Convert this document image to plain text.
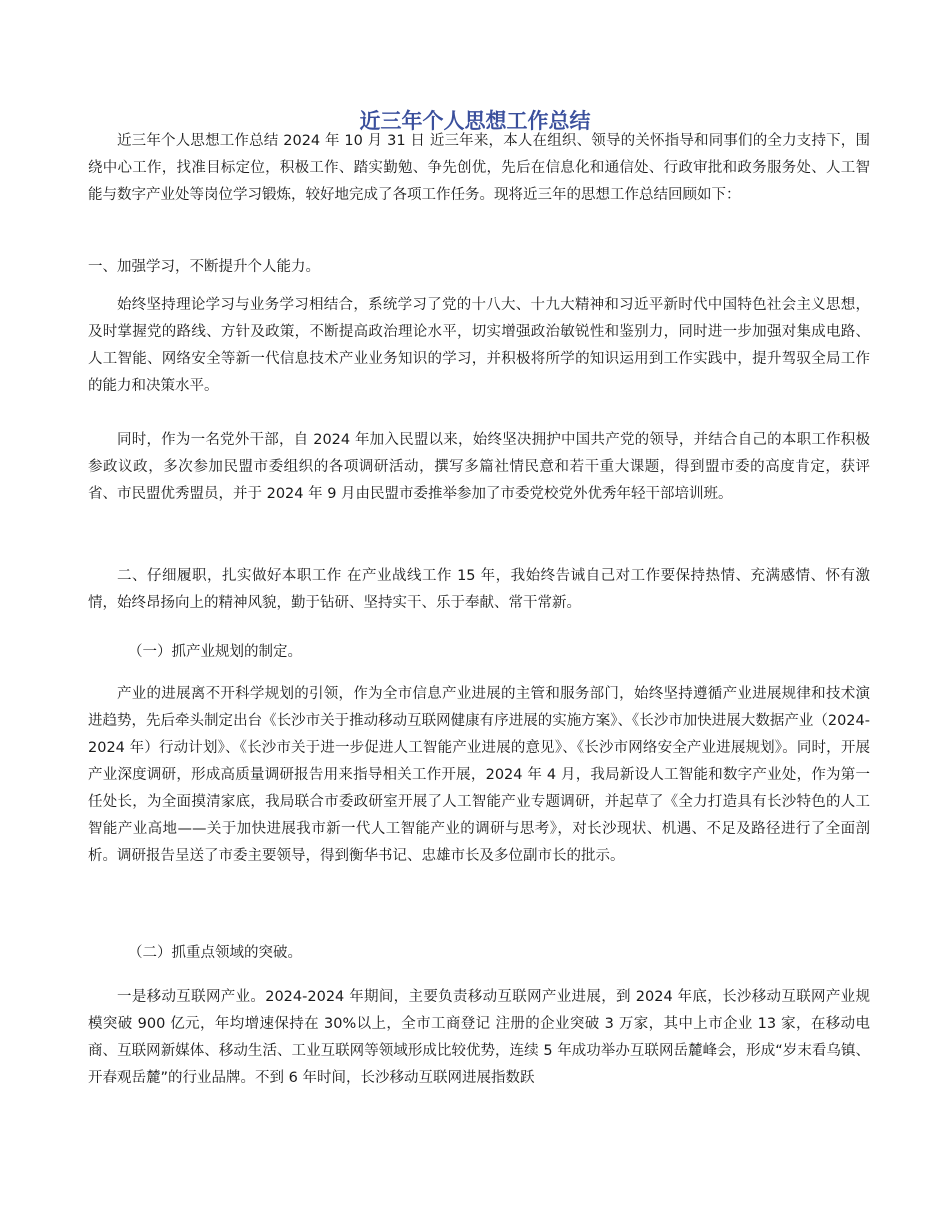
近三年个人思想工作总结

近三年个人思想工作总结 2024 年 10 月 31 日 近三年来，本人在组织、领导的关怀指导和同事们的全力支持下，围绕中心工作，找准目标定位，积极工作、踏实勤勉、争先创优，先后在信息化和通信处、行政审批和政务服务处、人工智能与数字产业处等岗位学习锻炼，较好地完成了各项工作任务。现将近三年的思想工作总结回顾如下：

一、加强学习，不断提升个人能力。

始终坚持理论学习与业务学习相结合，系统学习了党的十八大、十九大精神和习近平新时代中国特色社会主义思想，及时掌握党的路线、方针及政策，不断提高政治理论水平，切实增强政治敏锐性和鉴别力，同时进一步加强对集成电路、人工智能、网络安全等新一代信息技术产业业务知识的学习，并积极将所学的知识运用到工作实践中，提升驾驭全局工作的能力和决策水平。

同时，作为一名党外干部，自 2024 年加入民盟以来，始终坚决拥护中国共产党的领导，并结合自己的本职工作积极参政议政，多次参加民盟市委组织的各项调研活动，撰写多篇社情民意和若干重大课题，得到盟市委的高度肯定，获评省、市民盟优秀盟员，并于 2024 年 9 月由民盟市委推举参加了市委党校党外优秀年轻干部培训班。

二、仔细履职，扎实做好本职工作 在产业战线工作 15 年，我始终告诫自己对工作要保持热情、充满感情、怀有激情，始终昂扬向上的精神风貌，勤于钻研、坚持实干、乐于奉献、常干常新。

（一）抓产业规划的制定。

产业的进展离不开科学规划的引领，作为全市信息产业进展的主管和服务部门，始终坚持遵循产业进展规律和技术演进趋势，先后牵头制定出台《长沙市关于推动移动互联网健康有序进展的实施方案》、《长沙市加快进展大数据产业（2024-2024 年）行动计划》、《长沙市关于进一步促进人工智能产业进展的意见》、《长沙市网络安全产业进展规划》。同时，开展产业深度调研，形成高质量调研报告用来指导相关工作开展，2024 年 4 月，我局新设人工智能和数字产业处，作为第一任处长，为全面摸清家底，我局联合市委政研室开展了人工智能产业专题调研，并起草了《全力打造具有长沙特色的人工智能产业高地——关于加快进展我市新一代人工智能产业的调研与思考》，对长沙现状、机遇、不足及路径进行了全面剖析。调研报告呈送了市委主要领导，得到衡华书记、忠雄市长及多位副市长的批示。

（二）抓重点领域的突破。

一是移动互联网产业。2024-2024 年期间，主要负责移动互联网产业进展，到 2024 年底，长沙移动互联网产业规模突破 900 亿元，年均增速保持在 30%以上，全市工商登记 注册的企业突破 3 万家，其中上市企业 13 家，在移动电商、互联网新媒体、移动生活、工业互联网等领域形成比较优势，连续 5 年成功举办互联网岳麓峰会，形成“岁末看乌镇、开春观岳麓”的行业品牌。不到 6 年时间，长沙移动互联网进展指数跃
